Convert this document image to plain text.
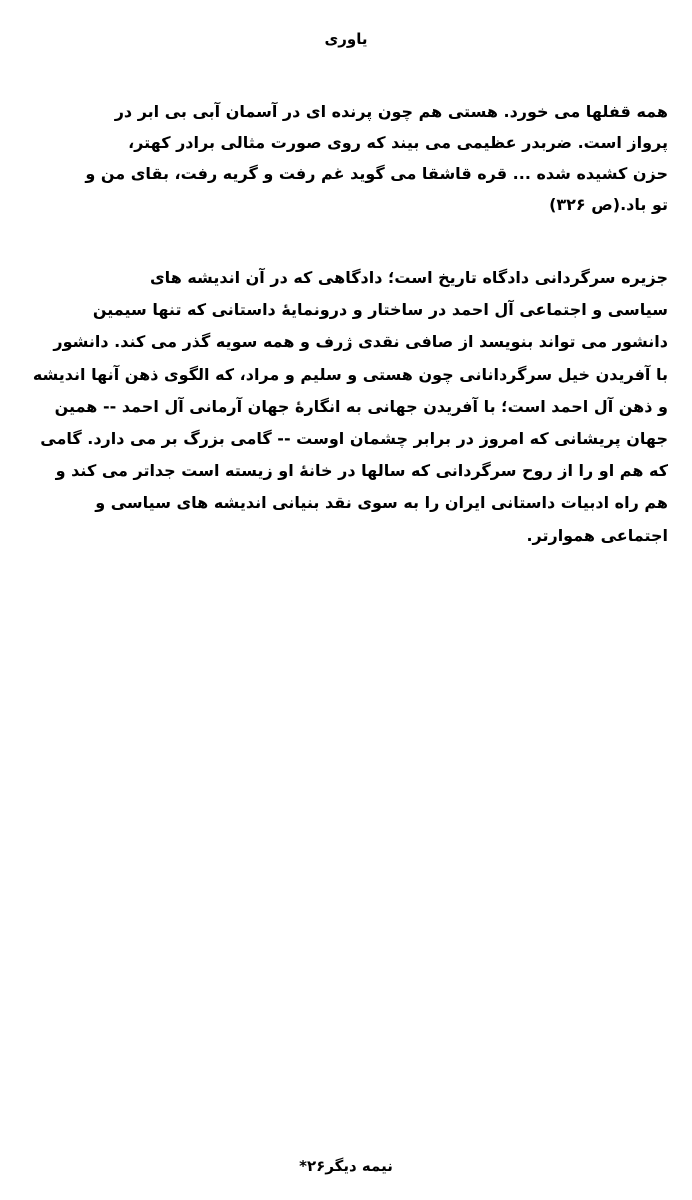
یاوری
همه قفلها می خورد. هستی هم چون پرنده ای در آسمان آبی بی ابر در
پرواز است. ضربدر عظیمی می بیند که روی صورت مثالی برادر کهتر،
حزن کشیده شده ... قره قاشقا می گوید غم رفت و گریه رفت، بقای من و
تو باد.(ص ۳۲۶)
جزیره سرگردانی دادگاه تاریخ است؛ دادگاهی که در آن اندیشه های
سیاسی و اجتماعی آل احمد در ساختار و درونمایهٔ داستانی که تنها سیمین
دانشور می تواند بنویسد از صافی نقدی ژرف و همه سویه گذر می کند. دانشور
با آفریدن خیل سرگردانانی چون هستی و سلیم و مراد، که الگوی ذهن آنها اندیشه
و ذهن آل احمد است؛ با آفریدن جهانی به انگارهٔ جهان آرمانی آل احمد -- همین
جهان پریشانی که امروز در برابر چشمان اوست -- گامی بزرگ بر می دارد. گامی
که هم او را از روح سرگردانی که سالها در خانهٔ او زیسته است جداتر می کند و
هم راه ادبیات داستانی ایران را به سوی نقد بنیانی اندیشه های سیاسی و
اجتماعی هموارتر.
نیمه دیگر۲۶*
